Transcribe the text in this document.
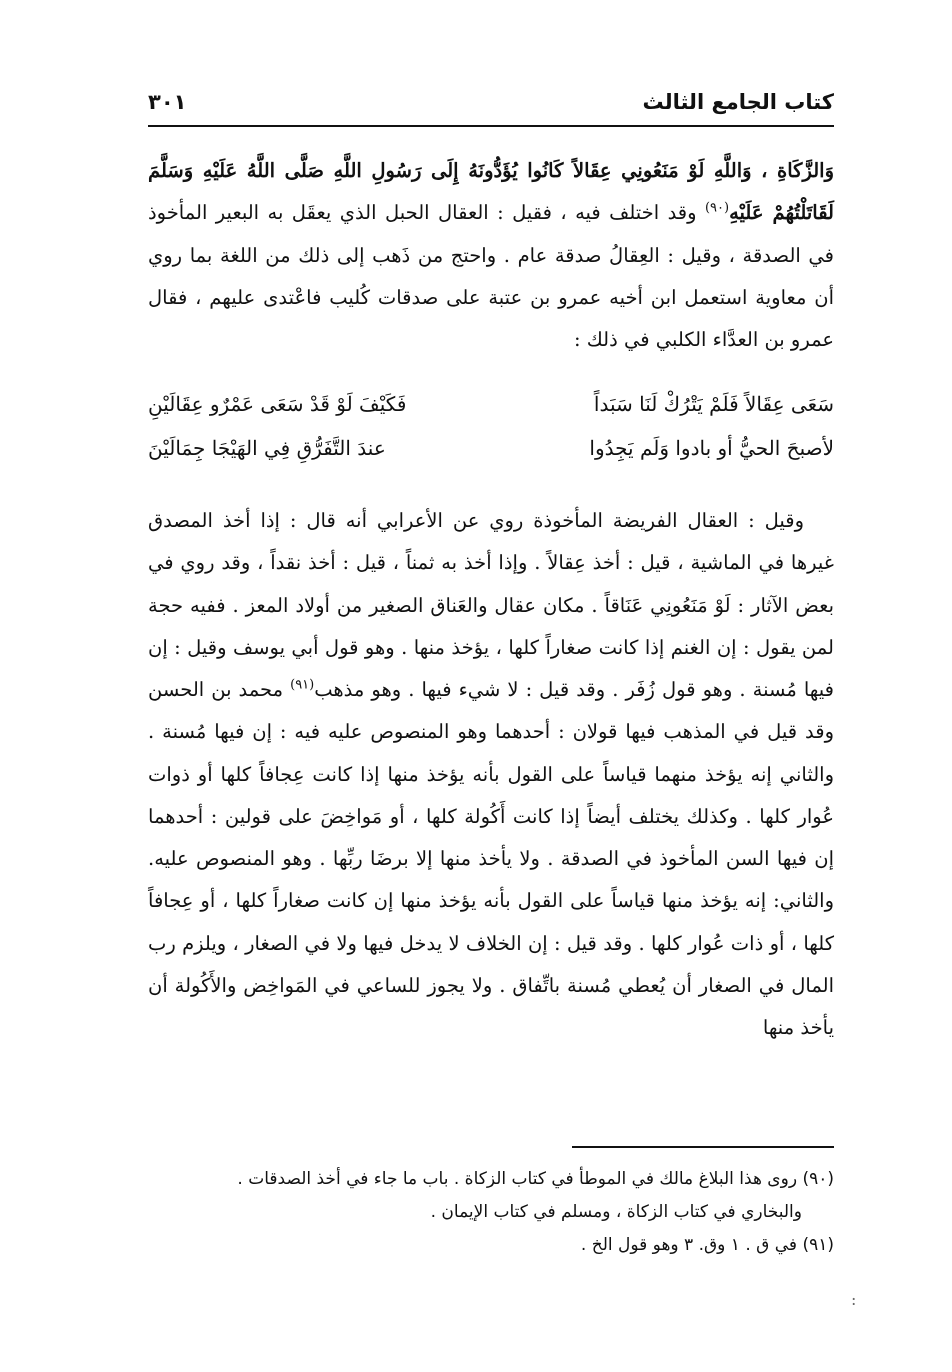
كتاب الجامع الثالث
٣٠١

وَالزَّكَاةِ ، وَاللَّهِ لَوْ مَنَعُونِي عِقَالاً كَانُوا يُؤَدُّونَهُ إِلَى رَسُولِ اللَّهِ صَلَّى اللَّهُ عَلَيْهِ وَسَلَّمَ لَقَاتَلْتُهُمْ عَلَيْهِ$^{(٩٠)}$ وقد اختلف فيه ، فقيل : العقال الحبل الذي يعقَل به البعير المأخوذ في الصدقة ، وقيل : العِقالُ صدقة عام . واحتج من ذَهب إلى ذلك من اللغة بما روي أن معاوية استعمل ابن أخيه عمرو بن عتبة على صدقات كُليب فاعْتدى عليهم ، فقال عمرو بن العدَّاء الكلبي في ذلك :

سَعَى عِقَالاً فَلَمْ يَتْرُكْ لَنَا سَبَداً
فَكَيْفَ لَوْ قَدْ سَعَى عَمْرٌو عِقَالَيْنِ
لأصبحَ الحيُّ أو بادوا وَلَم يَجِدُوا
عندَ التَّفَرُّقِ فِي الهَيْجَا جِمَالَيْنَ

وقيل : العقال الفريضة المأخوذة روي عن الأعرابي أنه قال : إذا أخذ المصدق غيرها في الماشية ، قيل : أخذ عِقالاً . وإذا أخذ به ثمناً ، قيل : أخذ نقداً ، وقد روي في بعض الآثار : لَوْ مَنَعُونِي عَنَاقاً . مكان عقال والعَناق الصغير من أولاد المعز . ففيه حجة لمن يقول : إن الغنم إذا كانت صغاراً كلها ، يؤخذ منها . وهو قول أبي يوسف وقيل : إن فيها مُسنة . وهو قول زُفَر . وقد قيل : لا شيء فيها . وهو مذهب$^{(٩١)}$ محمد بن الحسن وقد قيل في المذهب فيها قولان : أحدهما وهو المنصوص عليه فيه : إن فيها مُسنة . والثاني إنه يؤخذ منهما قياساً على القول بأنه يؤخذ منها إذا كانت عِجافاً كلها أو ذوات عُوار كلها . وكذلك يختلف أيضاً إذا كانت أَكُولة كلها ، أو مَواخِضَ على قولين : أحدهما إن فيها السن المأخوذ في الصدقة . ولا يأخذ منها إلا برضَا ربِّها . وهو المنصوص عليه. والثاني: إنه يؤخذ منها قياساً على القول بأنه يؤخذ منها إن كانت صغاراً كلها ، أو عِجافاً كلها ، أو ذات عُوار كلها . وقد قيل : إن الخلاف لا يدخل فيها ولا في الصغار ، ويلزم رب المال في الصغار أن يُعطي مُسنة باتِّفاق . ولا يجوز للساعي في المَواخِض والأَكُولة أن يأخذ منها

(٩٠) روى هذا البلاغ مالك في الموطأ في كتاب الزكاة . باب ما جاء في أخذ الصدقات .

والبخاري في كتاب الزكاة ، ومسلم في كتاب الإيمان .

(٩١) في ق . ١ وق. ٣ وهو قول الخ .

:
